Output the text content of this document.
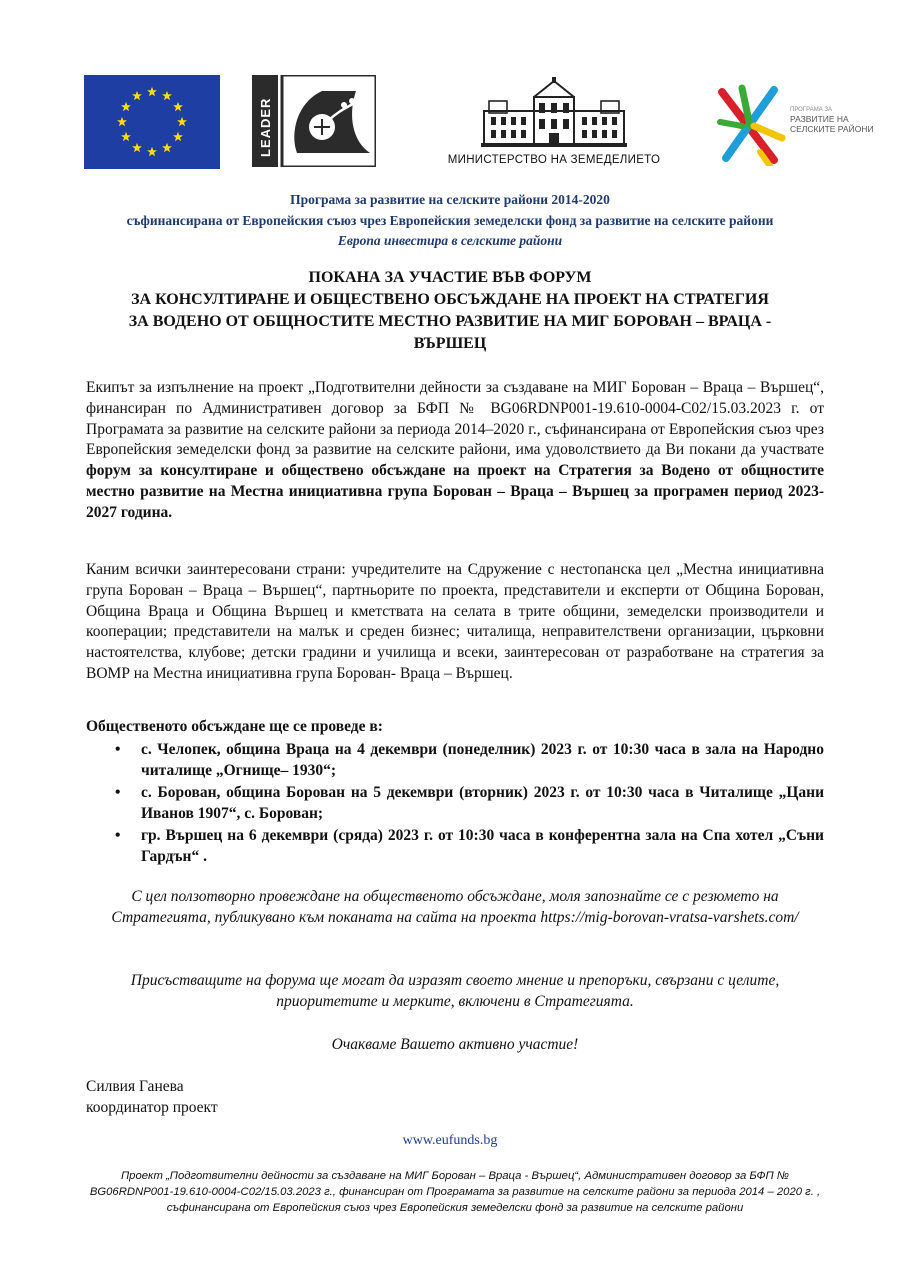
LEADER
МИНИСТЕРСТВО НА ЗЕМЕДЕЛИЕТО
ПРОГРАМА ЗА
РАЗВИТИЕ НА
СЕЛСКИТЕ РАЙОНИ
Програма за развитие на селските райони 2014-2020
съфинансирана от Европейския съюз чрез Европейския земеделски фонд за развитие на селските райони
Европа инвестира в селските райони
ПОКАНА ЗА УЧАСТИЕ ВЪВ ФОРУМ
ЗА КОНСУЛТИРАНЕ И ОБЩЕСТВЕНО ОБСЪЖДАНЕ НА ПРОЕКТ НА СТРАТЕГИЯ
ЗА ВОДЕНО ОТ ОБЩНОСТИТЕ МЕСТНО РАЗВИТИЕ НА МИГ БОРОВАН – ВРАЦА -
ВЪРШЕЦ
Екипът за изпълнение на проект „Подготвителни дейности за създаване на МИГ Борован – Враца – Вършец“, финансиран по Административен договор за БФП № BG06RDNP001-19.610-0004-C02/15.03.2023 г. от Програмата за развитие на селските райони за периода 2014–2020 г., съфинансирана от Европейския съюз чрез Европейския земеделски фонд за развитие на селските райони, има удоволствието да Ви покани да участвате форум за консултиране и обществено обсъждане на проект на Стратегия за Водено от общностите местно развитие на Местна инициативна група Борован – Враца – Вършец за програмен период 2023-2027 година.
Каним всички заинтересовани страни: учредителите на Сдружение с нестопанска цел „Местна инициативна група Борован – Враца – Вършец“, партньорите по проекта, представители и експерти от Община Борован, Община Враца и Община Вършец и кметствата на селата в трите общини, земеделски производители и кооперации; представители на малък и среден бизнес; читалища, неправителствени организации, църковни настоятелства, клубове; детски градини и училища и всеки, заинтересован от разработване на стратегия за ВОМР на Местна инициативна група Борован- Враца – Вършец.
Общественото обсъждане ще се проведе в:
• с. Челопек, община Враца на 4 декември (понеделник) 2023 г. от 10:30 часа в зала на Народно читалище „Огнище– 1930“;
• с. Борован, община Борован на 5 декември (вторник) 2023 г. от 10:30 часа в Читалище „Цани Иванов 1907“, с. Борован;
• гр. Вършец на 6 декември (сряда) 2023 г. от 10:30 часа в конферентна зала на Спа хотел „Съни Гардън“ .
С цел ползотворно провеждане на общественото обсъждане, моля запознайте се с резюмето на Стратегията, публикувано към поканата на сайта на проекта https://mig-borovan-vratsa-varshets.com/
Присъстващите на форума ще могат да изразят своето мнение и препоръки, свързани с целите, приоритетите и мерките, включени в Стратегията.
Очакваме Вашето активно участие!
Силвия Ганева
координатор проект
www.eufunds.bg
Проект „Подготвителни дейности за създаване на МИГ Борован – Враца - Вършец“, Административен договор за БФП № BG06RDNP001-19.610-0004-C02/15.03.2023 г., финансиран от Програмата за развитие на селските райони за периода 2014 – 2020 г. , съфинансирана от Европейския съюз чрез Европейския земеделски фонд за развитие на селските райони
